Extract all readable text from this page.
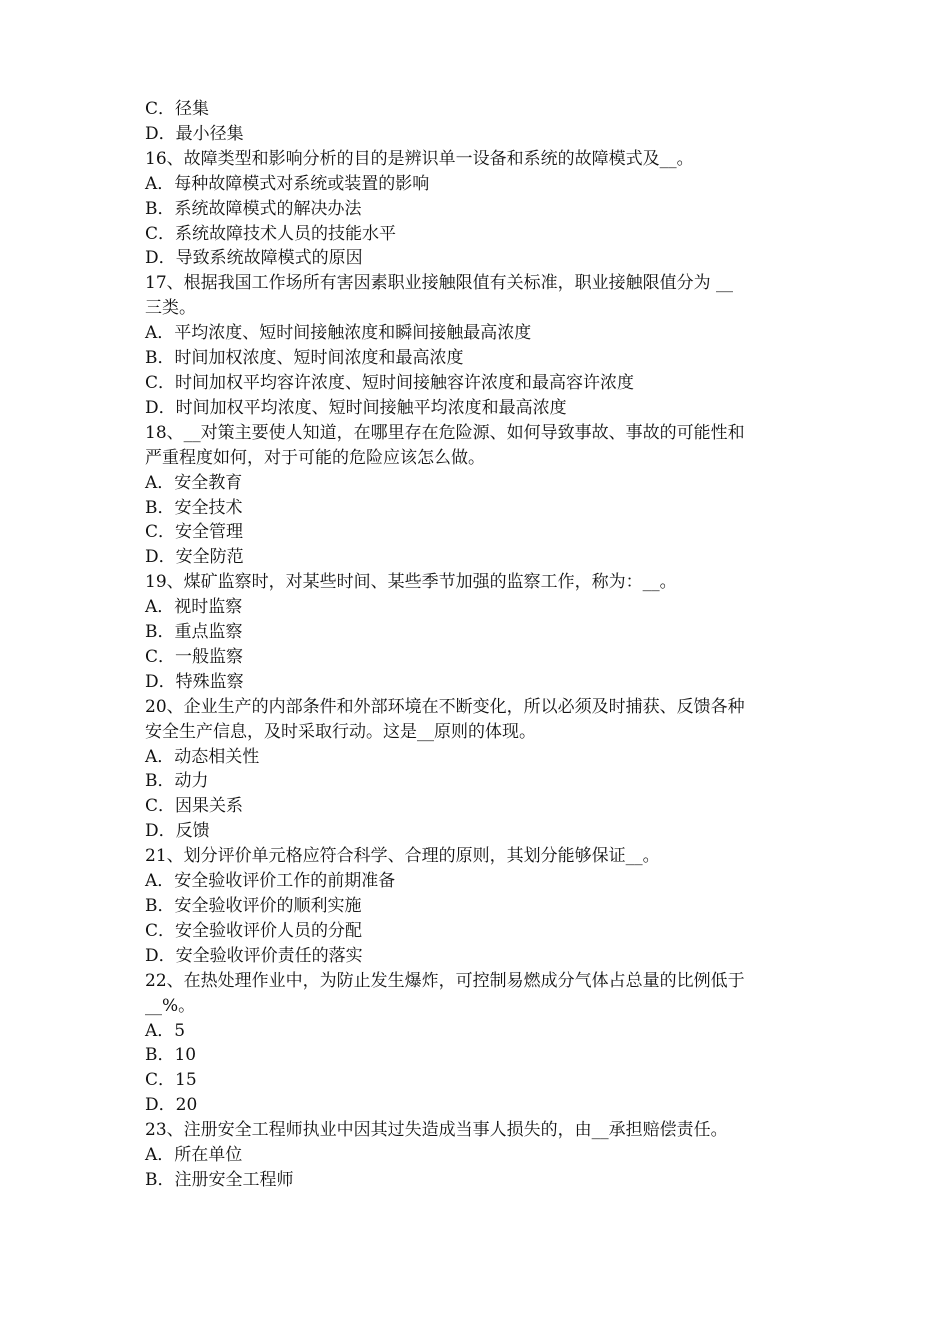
C．径集

D．最小径集

16、故障类型和影响分析的目的是辨识单一设备和系统的故障模式及__。

A．每种故障模式对系统或装置的影响

B．系统故障模式的解决办法

C．系统故障技术人员的技能水平

D．导致系统故障模式的原因

17、根据我国工作场所有害因素职业接触限值有关标准，职业接触限值分为 __

三类。

A．平均浓度、短时间接触浓度和瞬间接触最高浓度

B．时间加权浓度、短时间浓度和最高浓度

C．时间加权平均容许浓度、短时间接触容许浓度和最高容许浓度

D．时间加权平均浓度、短时间接触平均浓度和最高浓度

18、__对策主要使人知道，在哪里存在危险源、如何导致事故、事故的可能性和

严重程度如何，对于可能的危险应该怎么做。

A．安全教育

B．安全技术

C．安全管理

D．安全防范

19、煤矿监察时，对某些时间、某些季节加强的监察工作，称为：__。

A．视时监察

B．重点监察

C．一般监察

D．特殊监察

20、企业生产的内部条件和外部环境在不断变化，所以必须及时捕获、反馈各种

安全生产信息，及时采取行动。这是__原则的体现。

A．动态相关性

B．动力

C．因果关系

D．反馈

21、划分评价单元格应符合科学、合理的原则，其划分能够保证__。

A．安全验收评价工作的前期准备

B．安全验收评价的顺利实施

C．安全验收评价人员的分配

D．安全验收评价责任的落实

22、在热处理作业中，为防止发生爆炸，可控制易燃成分气体占总量的比例低于

__%。

A．5

B．10

C．15

D．20

23、注册安全工程师执业中因其过失造成当事人损失的，由__承担赔偿责任。

A．所在单位

B．注册安全工程师
